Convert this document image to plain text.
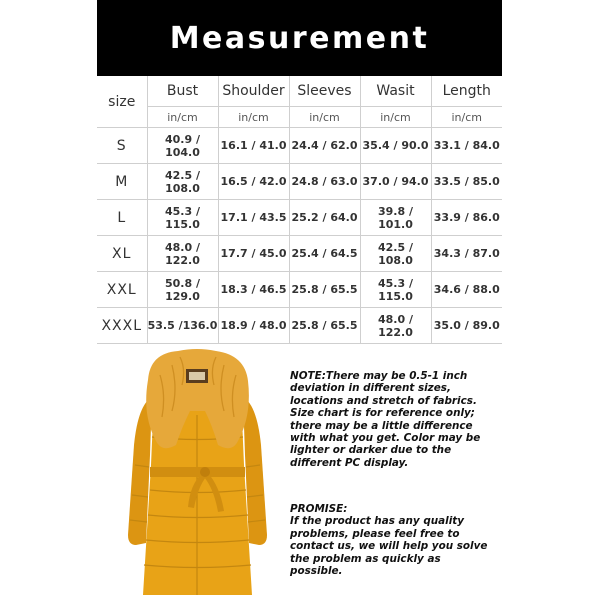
Measurement
size	Bust	Shoulder	Sleeves	Wasit	Length
	in/cm	in/cm	in/cm	in/cm	in/cm
S	40.9 / 104.0	16.1 / 41.0	24.4 / 62.0	35.4 / 90.0	33.1 / 84.0
M	42.5 / 108.0	16.5 / 42.0	24.8 / 63.0	37.0 / 94.0	33.5 / 85.0
L	45.3 / 115.0	17.1 / 43.5	25.2 / 64.0	39.8 / 101.0	33.9 / 86.0
XL	48.0 / 122.0	17.7 / 45.0	25.4 / 64.5	42.5 / 108.0	34.3 / 87.0
XXL	50.8 / 129.0	18.3 / 46.5	25.8 / 65.5	45.3 / 115.0	34.6 / 88.0
XXXL	53.5 /136.0	18.9 / 48.0	25.8 / 65.5	48.0 / 122.0	35.0 / 89.0

NOTE:There may be 0.5-1 inch
deviation in different sizes,
locations and stretch of fabrics.
Size chart is for reference only;
there may be a little difference
with what you get. Color may be
lighter or darker due to the
different PC display.

PROMISE:
If the product has any quality
problems, please feel free to
contact us, we will help you solve
the problem as quickly as
possible.
